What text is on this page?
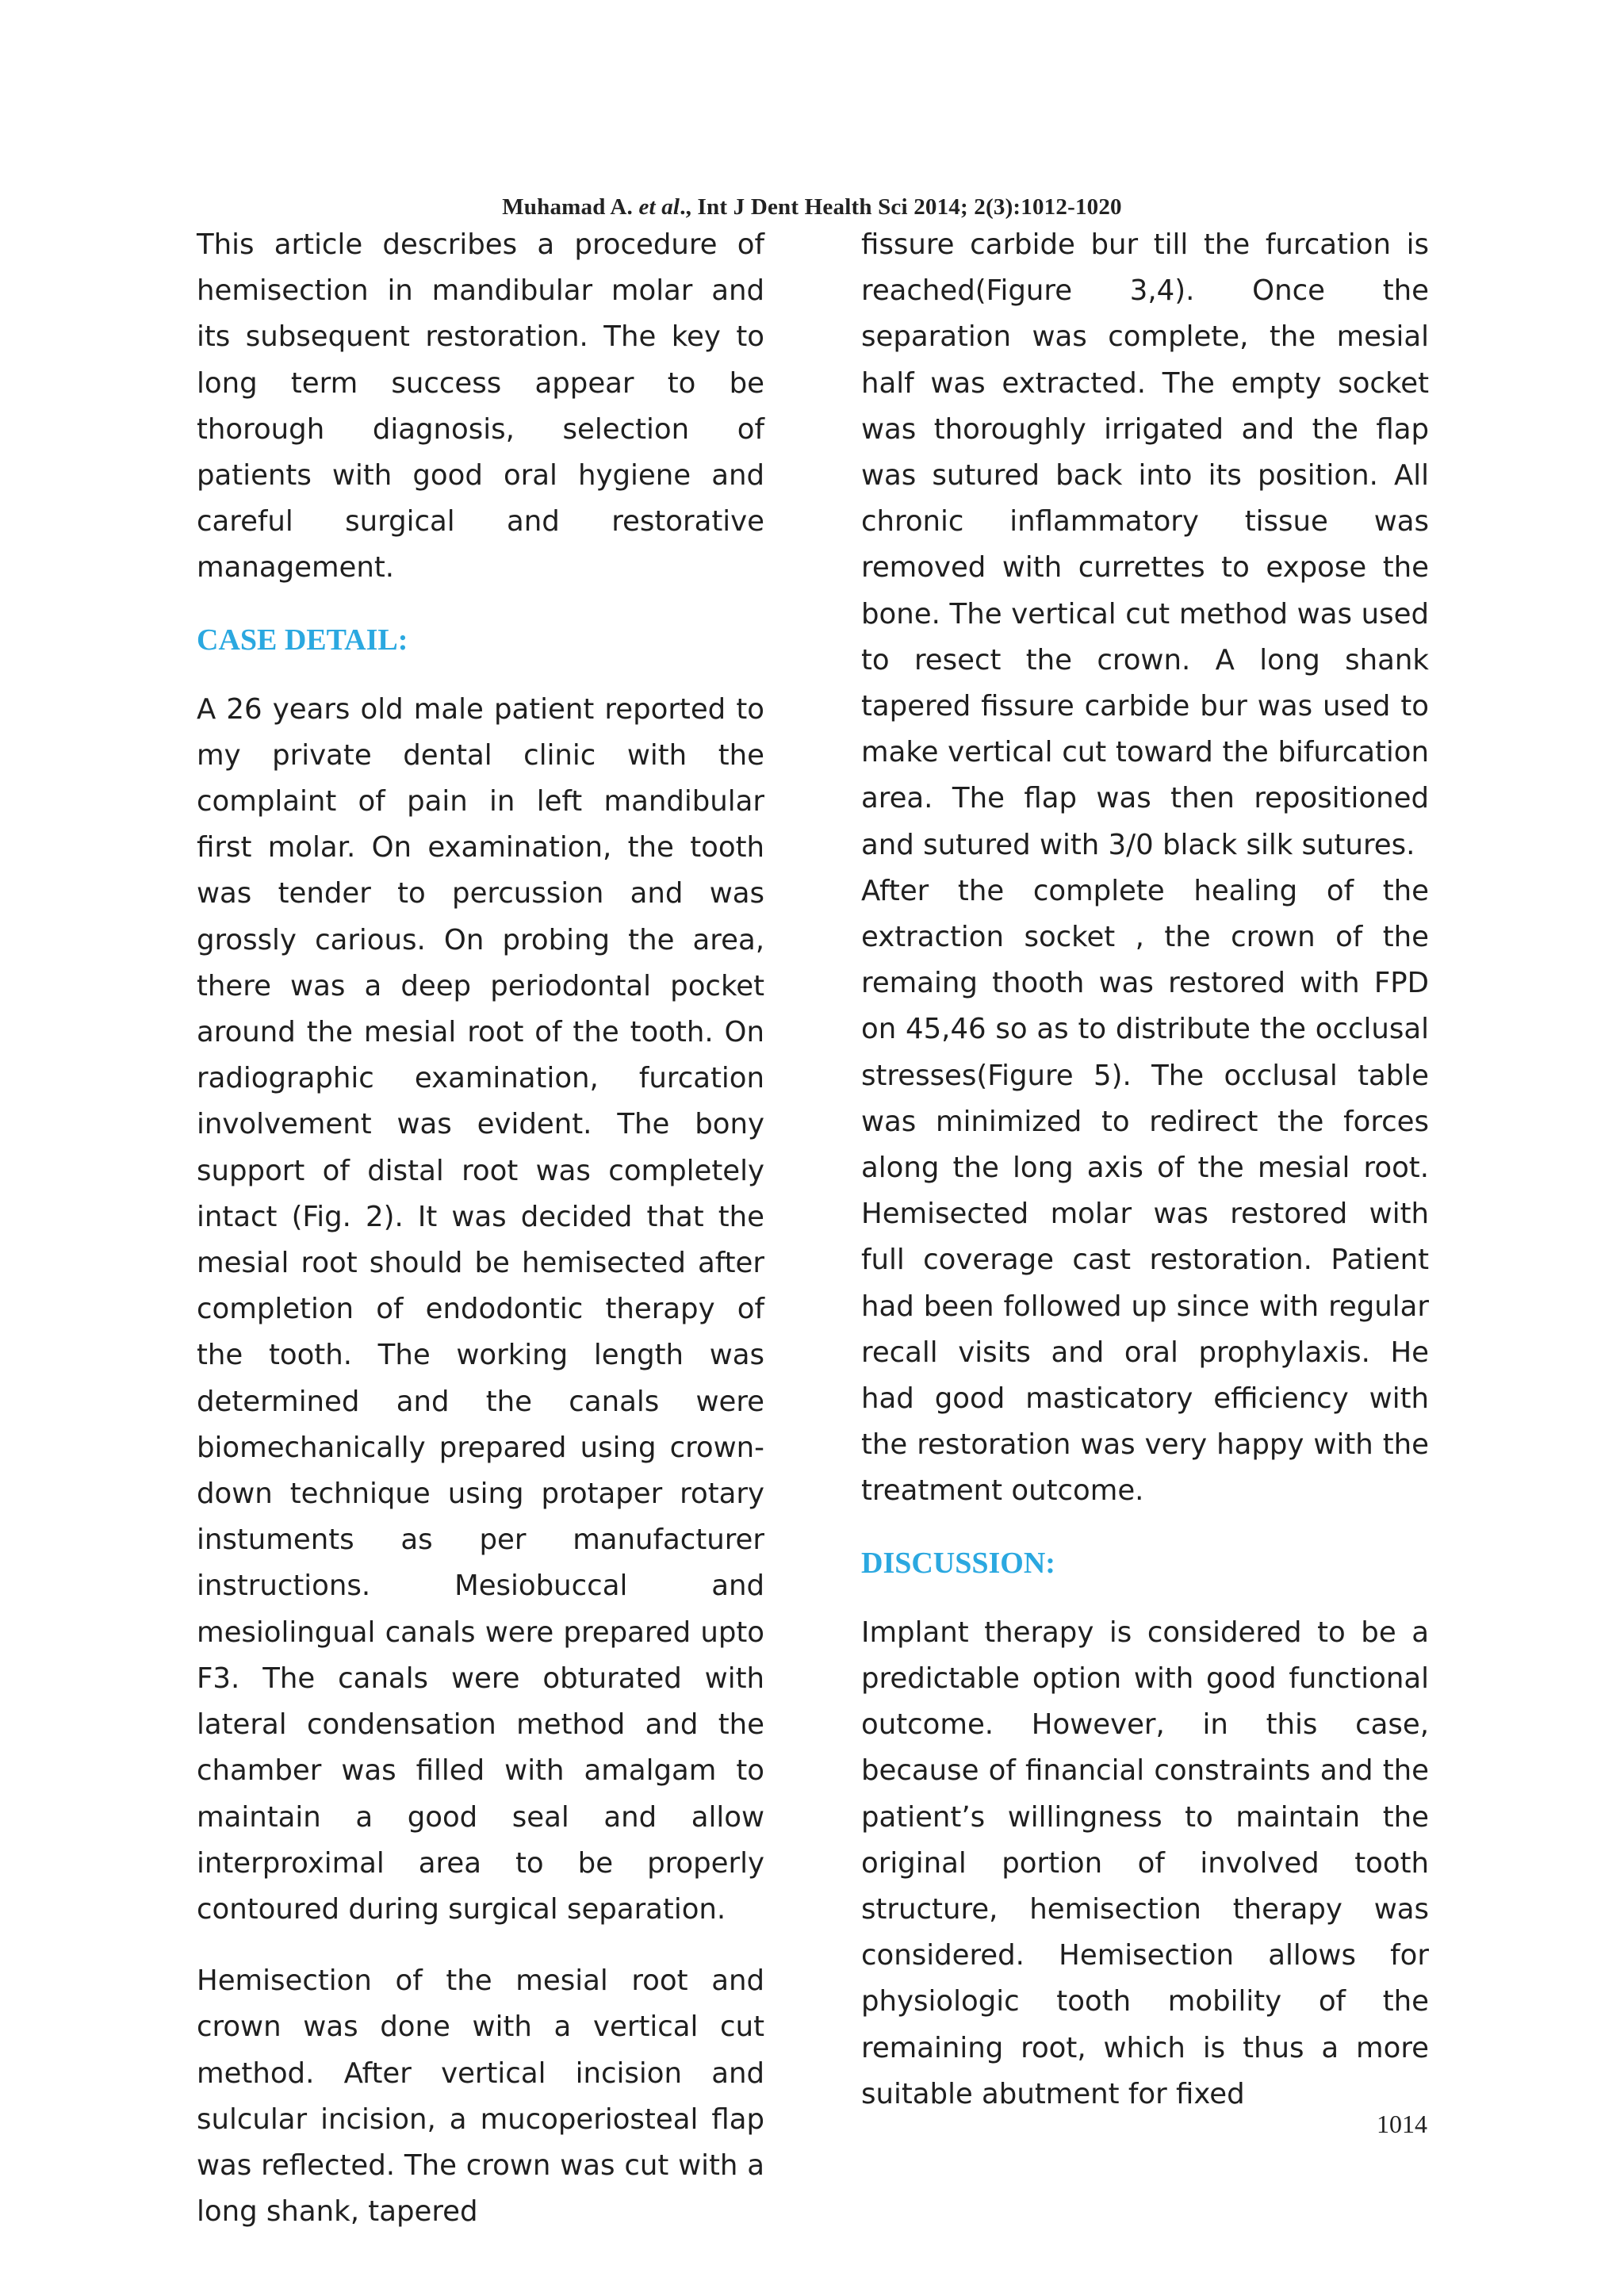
Muhamad A. et al., Int J Dent Health Sci 2014; 2(3):1012-1020

This article describes a procedure of hemisection in mandibular molar and its subsequent restoration. The key to long term success appear to be thorough diagnosis, selection of patients with good oral hygiene and careful surgical and restorative management.

CASE DETAIL:

A 26 years old male patient reported to my private dental clinic with the complaint of pain in left mandibular first molar. On examination, the tooth was tender to percussion and was grossly carious. On probing the area, there was a deep periodontal pocket around the mesial root of the tooth. On radiographic examination, furcation involvement was evident. The bony support of distal root was completely intact (Fig. 2). It was decided that the mesial root should be hemisected after completion of endodontic therapy of the tooth. The working length was determined and the canals were biomechanically prepared using crown-down technique using protaper rotary instuments as per manufacturer instructions. Mesiobuccal and mesiolingual canals were prepared upto F3. The canals were obturated with lateral condensation method and the chamber was filled with amalgam to maintain a good seal and allow interproximal area to be properly contoured during surgical separation.

Hemisection of the mesial root and crown was done with a vertical cut method. After vertical incision and sulcular incision, a mucoperiosteal flap was reflected. The crown was cut with a long shank, tapered

fissure carbide bur till the furcation is reached(Figure 3,4). Once the separation was complete, the mesial half was extracted. The empty socket was thoroughly irrigated and the flap was sutured back into its position. All chronic inflammatory tissue was removed with currettes to expose the bone. The vertical cut method was used to resect the crown. A long shank tapered fissure carbide bur was used to make vertical cut toward the bifurcation area. The flap was then repositioned and sutured with 3/0 black silk sutures.

After the complete healing of the extraction socket , the crown of the remaing thooth was restored with FPD on 45,46 so as to distribute the occlusal stresses(Figure 5). The occlusal table was minimized to redirect the forces along the long axis of the mesial root. Hemisected molar was restored with full coverage cast restoration. Patient had been followed up since with regular recall visits and oral prophylaxis. He had good masticatory efficiency with the restoration was very happy with the treatment outcome.

DISCUSSION:

Implant therapy is considered to be a predictable option with good functional outcome. However, in this case, because of financial constraints and the patient’s willingness to maintain the original portion of involved tooth structure, hemisection therapy was considered. Hemisection allows for physiologic tooth mobility of the remaining root, which is thus a more suitable abutment for fixed

1014
